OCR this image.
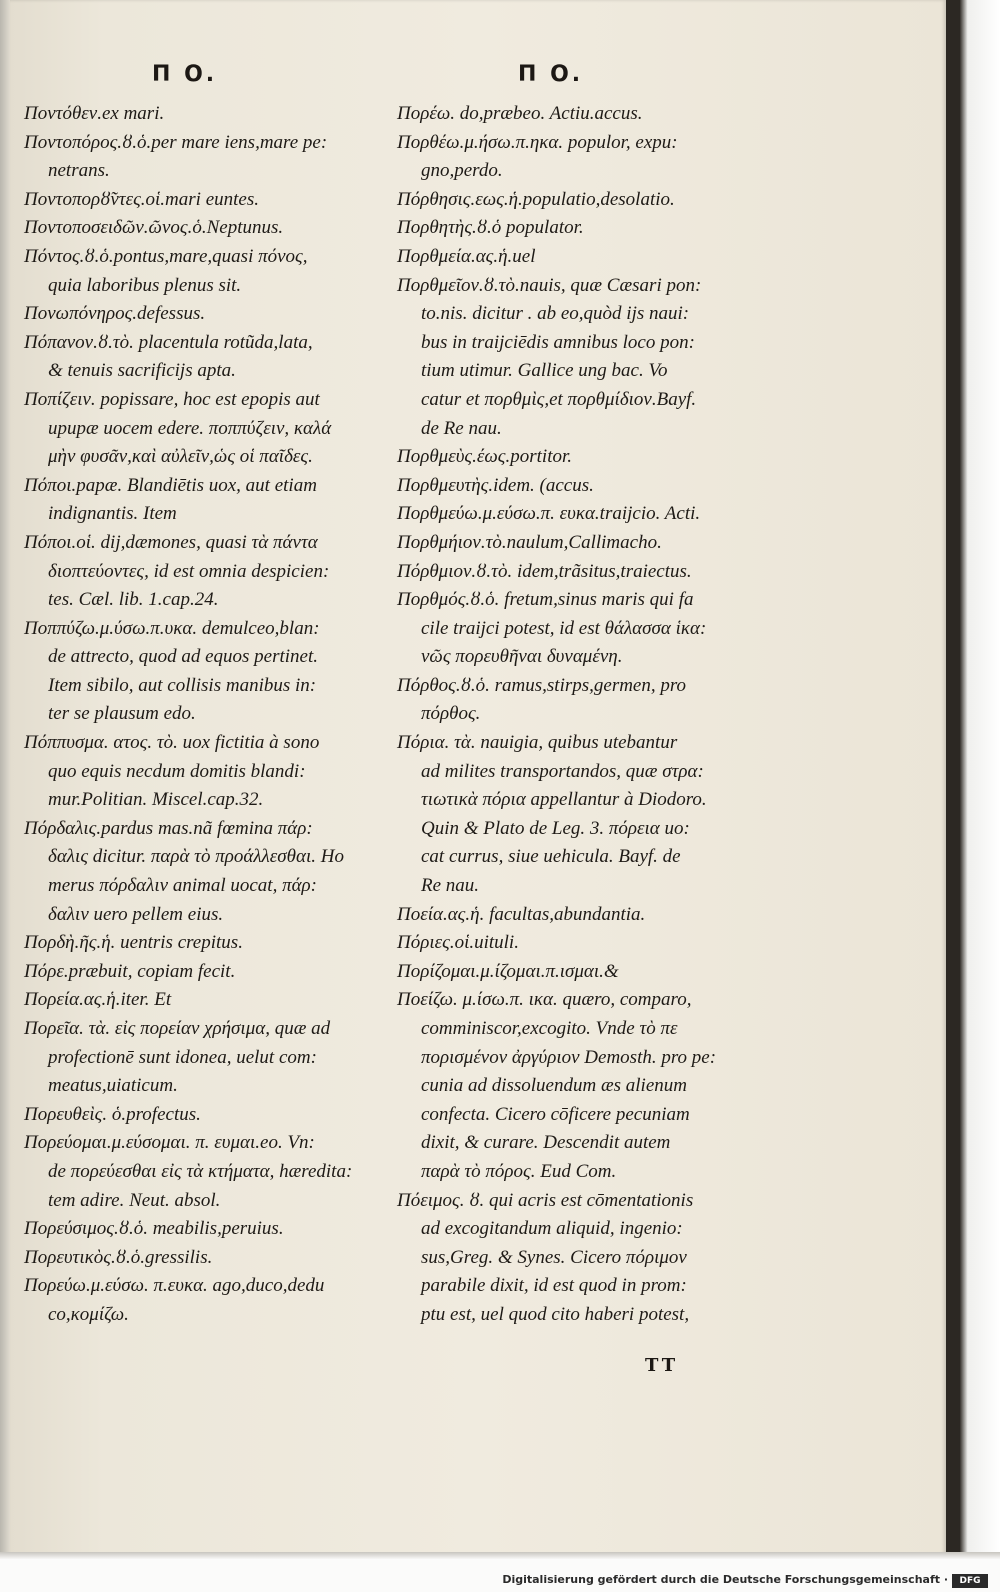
Π Ο.	Π Ο.
Ποντόθεν.ex mari.
Ποντοπόρος.ȣ.ὁ.per mare iens,mare pe:
netrans.
Ποντοπορȣ̃ντες.οἱ.mari euntes.
Ποντοποσειδῶν.ῶνος.ὁ.Neptunus.
Πόντος.ȣ.ὁ.pontus,mare,quasi πόνος,
quia laboribus plenus sit.
Πονωπόνηρος.defessus.
Πόπανον.ȣ.τὸ. placentula rotũda,lata,
& tenuis sacrificijs apta.
Ποπίζειν. popissare, hoc est epopis aut
upupæ uocem edere. ποππύζειν, καλά
μὴν φυσᾶν,καὶ αὐλεῖν,ὡς οἱ παῖδες.
Πόποι.papæ. Blandiētis uox, aut etiam
indignantis. Item
Πόποι.οἱ. dij,dæmones, quasi τὰ πάντα
διοπτεύοντες, id est omnia despicien:
tes. Cæl. lib. 1.cap.24.
Ποππύζω.μ.ύσω.π.υκα. demulceo,blan:
de attrecto, quod ad equos pertinet.
Item sibilo, aut collisis manibus in:
ter se plausum edo.
Πόππυσμα. ατος. τὸ. uox fictitia à sono
quo equis necdum domitis blandi:
mur.Politian. Miscel.cap.32.
Πόρδαλις.pardus mas.nã fœmina πάρ:
δαλις dicitur. παρὰ τὸ προάλλεσθαι. Ho
merus πόρδαλιν animal uocat, πάρ:
δαλιν uero pellem eius.
Πορδὴ.ῆς.ἡ. uentris crepitus.
Πόρε.præbuit, copiam fecit.
Πορεία.ας.ἡ.iter. Et
Πορεῖα. τὰ. εἰς πορείαν χρήσιμα, quæ ad
profectionē sunt idonea, uelut com:
meatus,uiaticum.
Πορευθεὶς. ὁ.profectus.
Πορεύομαι.μ.εύσομαι. π. ευμαι.eo. Vn:
de πορεύεσθαι εἰς τὰ κτήματα, hæredita:
tem adire. Neut. absol.
Πορεύσιμος.ȣ.ὁ. meabilis,peruius.
Πορευτικὸς.ȣ.ὁ.gressilis.
Πορεύω.μ.εύσω. π.ευκα. ago,duco,dedu
co,κομίζω.
Πορέω. do,præbeo. Actiu.accus.
Πορθέω.μ.ήσω.π.ηκα. populor, expu:
gno,perdo.
Πόρθησις.εως.ἡ.populatio,desolatio.
Πορθητὴς.ȣ.ὁ populator.
Πορθμεία.ας.ἡ.uel
Πορθμεῖον.ȣ.τὸ.nauis, quæ Cæsari pon:
to.nis. dicitur . ab eo,quòd ijs naui:
bus in traijciēdis amnibus loco pon:
tium utimur. Gallice ung bac. Vo
catur et πορθμὶς,et πορθμίδιον.Bayf.
de Re nau.
Πορθμεὺς.έως.portitor.
Πορθμευτὴς.idem. (accus.
Πορθμεύω.μ.εύσω.π. ευκα.traijcio. Acti.
Πορθμήιον.τὸ.naulum,Callimacho.
Πόρθμιον.ȣ.τὸ. idem,trãsitus,traiectus.
Πορθμός.ȣ.ὁ. fretum,sinus maris qui fa
cile traijci potest, id est θάλασσα ἱκα:
νῶς πορευθῆναι δυναμένη.
Πόρθος.ȣ.ὁ. ramus,stirps,germen, pro
πόρθος.
Πόρια. τὰ. nauigia, quibus utebantur
ad milites transportandos, quæ στρα:
τιωτικὰ πόρια appellantur à Diodoro.
Quin & Plato de Leg. 3. πόρεια uo:
cat currus, siue uehicula. Bayf. de
Re nau.
Ποεία.ας.ἡ. facultas,abundantia.
Πόριες.οἱ.uituli.
Πορίζομαι.μ.ίζομαι.π.ισμαι.&
Ποείζω. μ.ίσω.π. ικα. quæro, comparo,
comminiscor,excogito. Vnde τὸ πε
πορισμένον ἀργύριον Demosth. pro pe:
cunia ad dissoluendum æs alienum
confecta. Cicero cōficere pecuniam
dixit, & curare. Descendit autem
παρὰ τὸ πόρος. Eud Com.
Πόειμος. ȣ. qui acris est cōmentationis
ad excogitandum aliquid, ingenio:
sus,Greg. & Synes. Cicero πόριμον
parabile dixit, id est quod in prom:
ptu est, uel quod cito haberi potest,
TT
Digitalisierung gefördert durch die Deutsche Forschungsgemeinschaft ·	DFG
